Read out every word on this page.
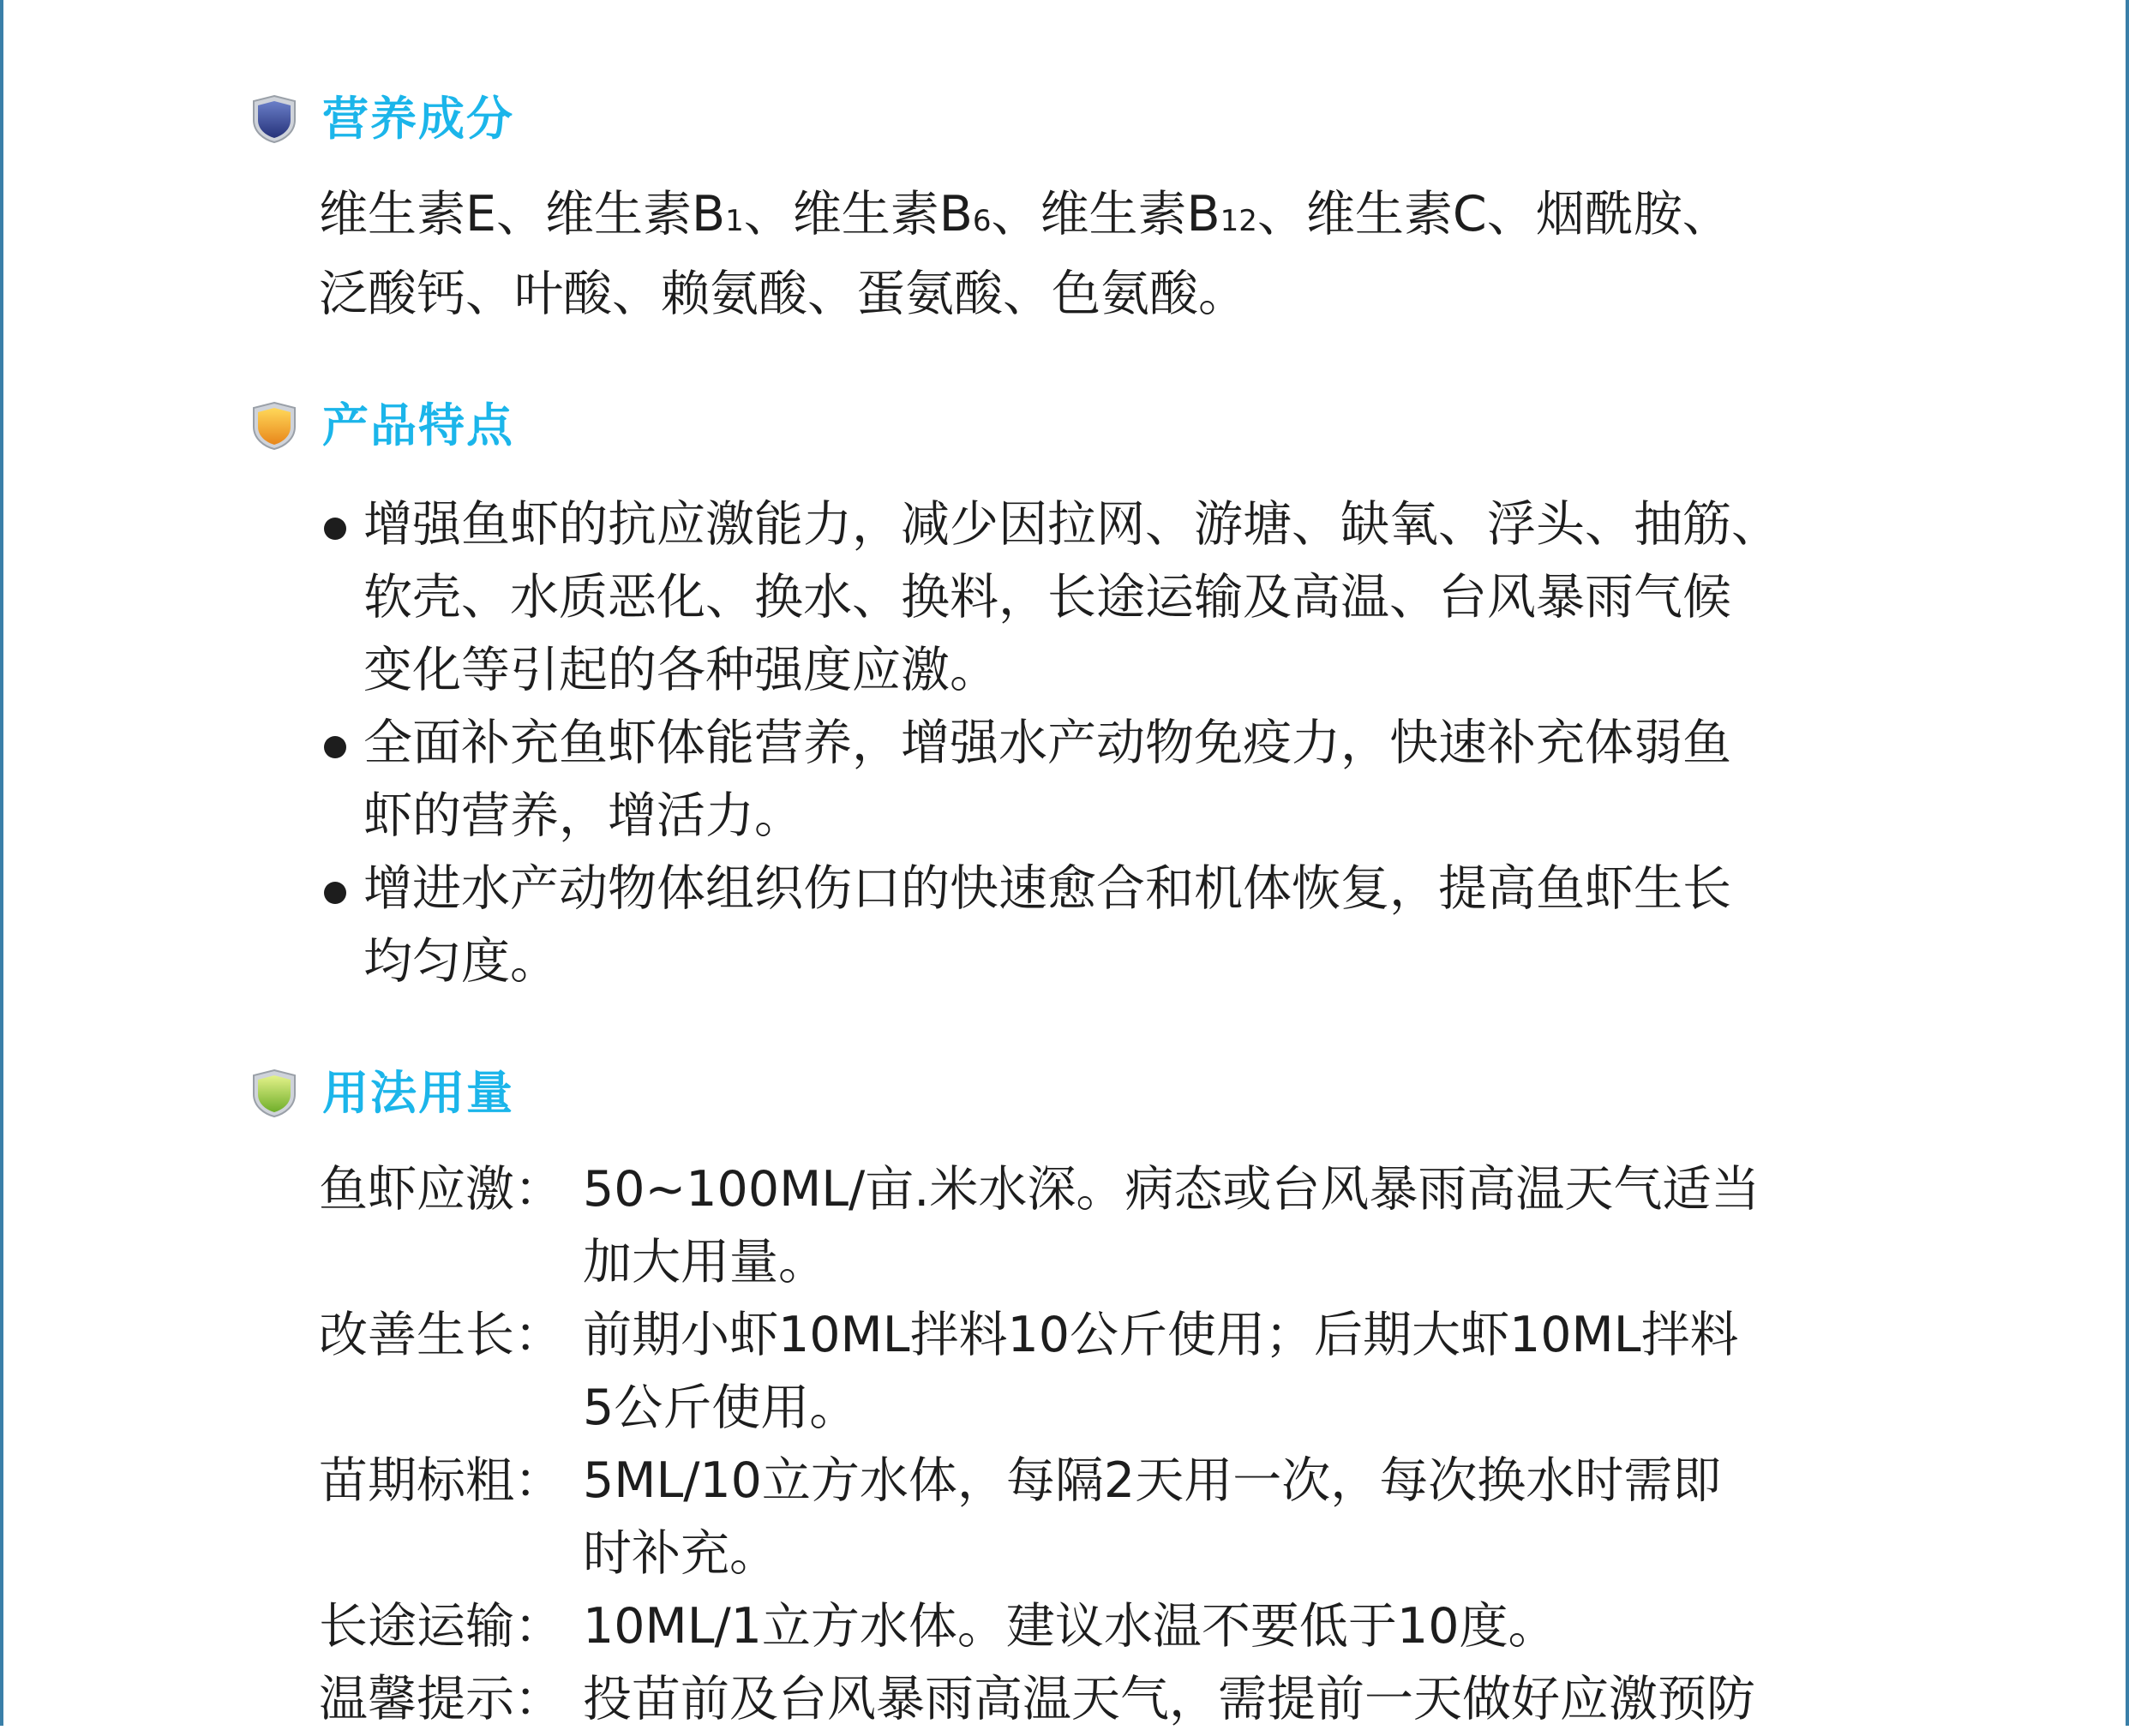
营养成分
维生素E、维生素B1、维生素B6、维生素B12、维生素C、烟酰胺、
泛酸钙、叶酸、赖氨酸、蛋氨酸、色氨酸。
产品特点
增强鱼虾的抗应激能力，减少因拉网、游塘、缺氧、浮头、抽筋、
软壳、水质恶化、换水、换料，长途运输及高温、台风暴雨气候
变化等引起的各种强度应激。
全面补充鱼虾体能营养，增强水产动物免疫力，快速补充体弱鱼
虾的营养，增活力。
增进水产动物体组织伤口的快速愈合和机体恢复，提高鱼虾生长
均匀度。
用法用量
鱼虾应激： 50~100ML/亩.米水深。病态或台风暴雨高温天气适当
加大用量。
改善生长： 前期小虾10ML拌料10公斤使用；后期大虾10ML拌料
5公斤使用。
苗期标粗： 5ML/10立方水体，每隔2天用一次，每次换水时需即
时补充。
长途运输： 10ML/1立方水体。建议水温不要低于10度。
温馨提示： 投苗前及台风暴雨高温天气，需提前一天做好应激预防
